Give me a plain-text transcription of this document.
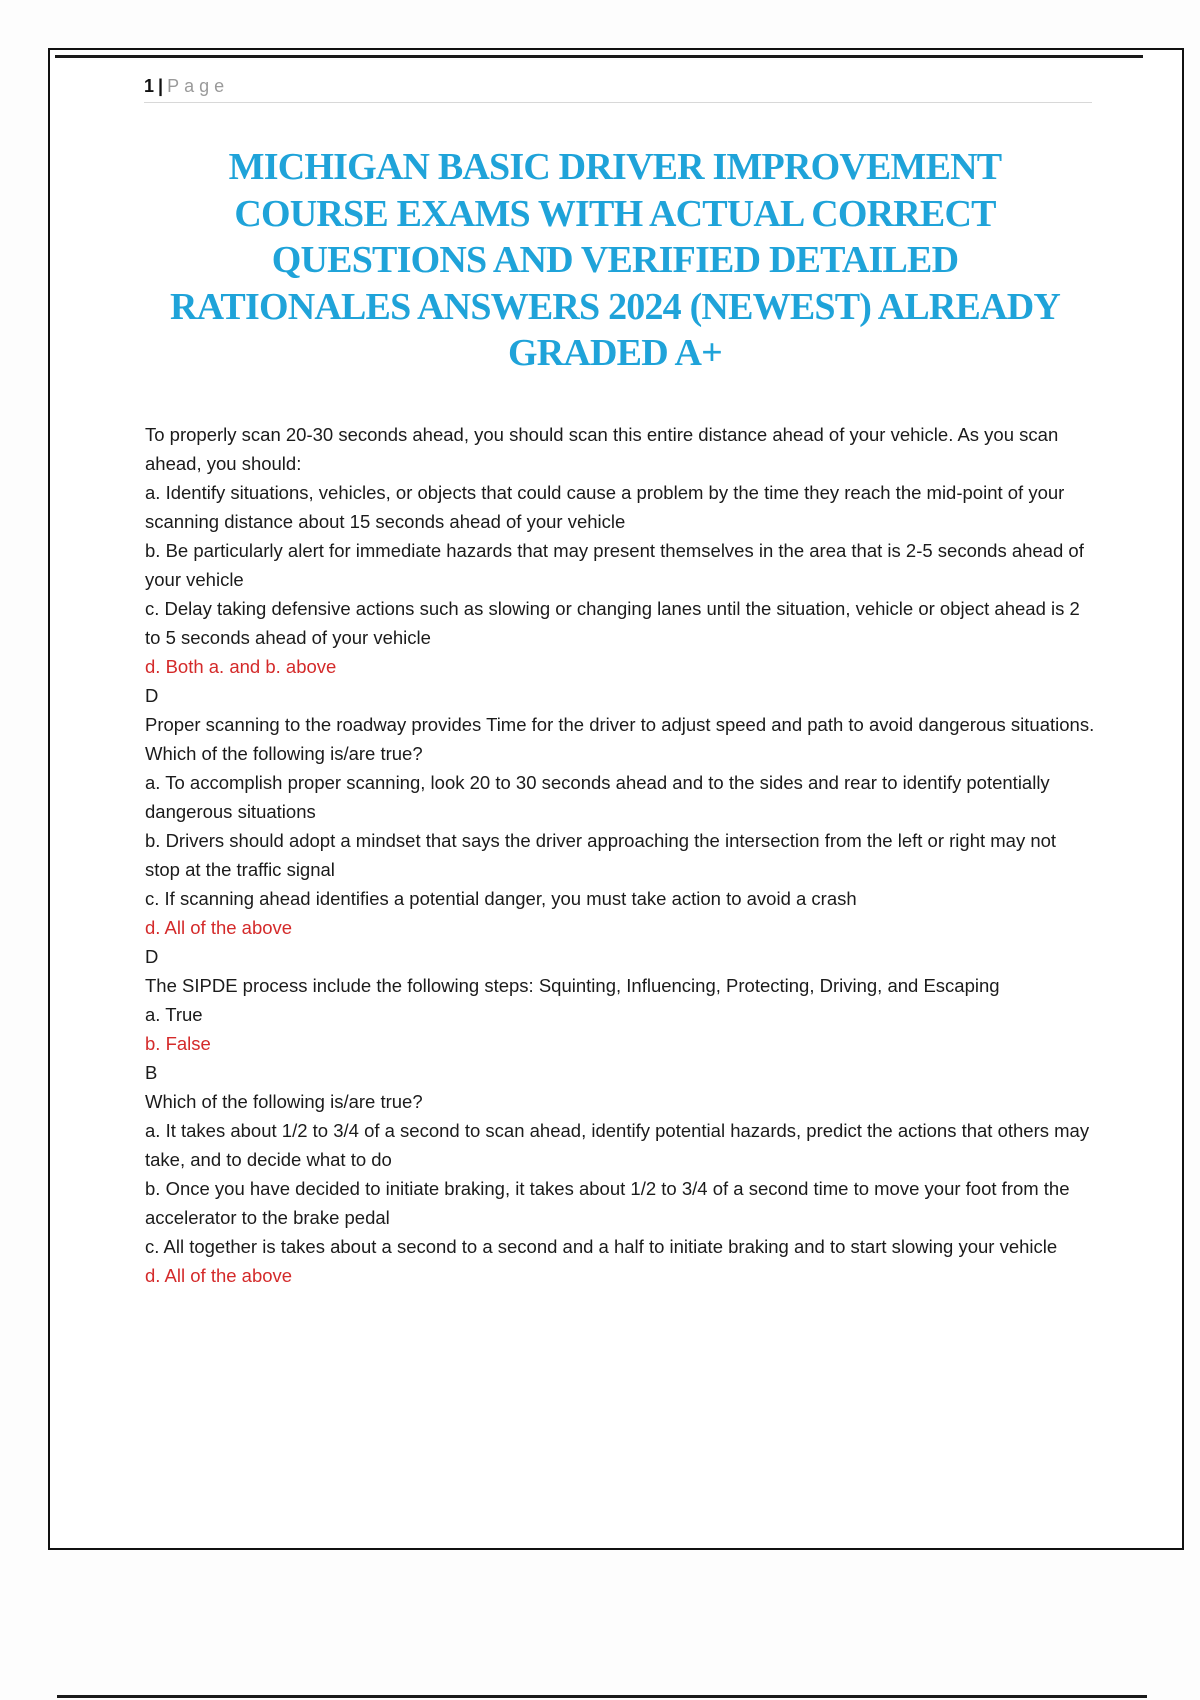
1 | Page
MICHIGAN BASIC DRIVER IMPROVEMENT
COURSE EXAMS WITH ACTUAL CORRECT
QUESTIONS AND VERIFIED DETAILED
RATIONALES ANSWERS 2024 (NEWEST) ALREADY
GRADED A+

To properly scan 20-30 seconds ahead, you should scan this entire distance ahead of your vehicle. As you scan ahead, you should:

a. Identify situations, vehicles, or objects that could cause a problem by the time they reach the mid-point of your scanning distance about 15 seconds ahead of your vehicle

b. Be particularly alert for immediate hazards that may present themselves in the area that is 2-5 seconds ahead of your vehicle

c. Delay taking defensive actions such as slowing or changing lanes until the situation, vehicle or object ahead is 2 to 5 seconds ahead of your vehicle

d. Both a. and b. above

D

Proper scanning to the roadway provides Time for the driver to adjust speed and path to avoid dangerous situations. Which of the following is/are true?

a. To accomplish proper scanning, look 20 to 30 seconds ahead and to the sides and rear to identify potentially dangerous situations

b. Drivers should adopt a mindset that says the driver approaching the intersection from the left or right may not stop at the traffic signal

c. If scanning ahead identifies a potential danger, you must take action to avoid a crash

d. All of the above

D

The SIPDE process include the following steps: Squinting, Influencing, Protecting, Driving, and Escaping

a. True

b. False

B

Which of the following is/are true?

a. It takes about 1/2 to 3/4 of a second to scan ahead, identify potential hazards, predict the actions that others may take, and to decide what to do

b. Once you have decided to initiate braking, it takes about 1/2 to 3/4 of a second time to move your foot from the accelerator to the brake pedal

c. All together is takes about a second to a second and a half to initiate braking and to start slowing your vehicle

d. All of the above
